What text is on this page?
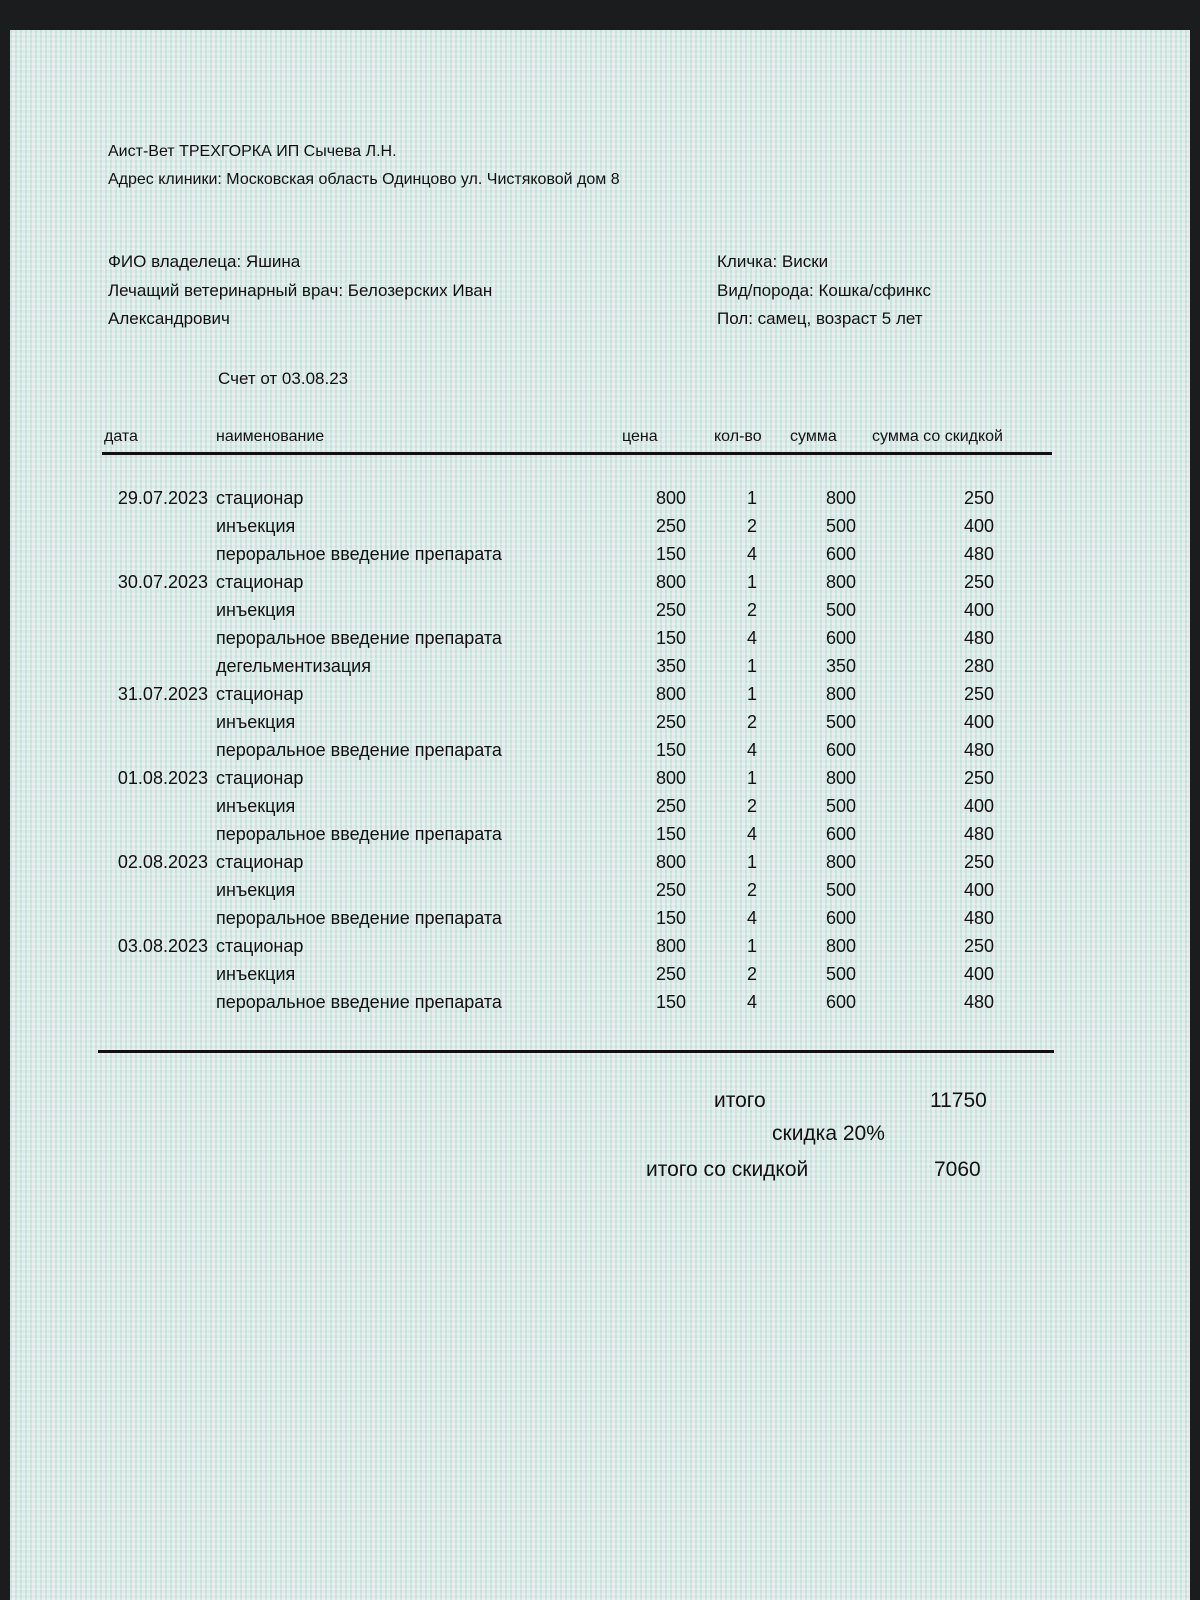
Аист-Вет ТРЕХГОРКА ИП Сычева Л.Н.
Адрес клиники: Московская область Одинцово ул. Чистяковой дом 8
ФИО владелеца: Яшина
Лечащий ветеринарный врач: Белозерских Иван
Александрович
Кличка: Виски
Вид/порода: Кошка/сфинкс
Пол: самец, возраст 5 лет
Счет от 03.08.23
дата	наименование	цена	кол-во сумма сумма со скидкой
29.07.2023 стационар	800	1	800	250
инъекция	250	2	500	400
пероральное введение препарата	150	4	600	480
30.07.2023 стационар	800	1	800	250
инъекция	250	2	500	400
пероральное введение препарата	150	4	600	480
дегельментизация	350	1	350	280
31.07.2023 стационар	800	1	800	250
инъекция	250	2	500	400
пероральное введение препарата	150	4	600	480
01.08.2023 стационар	800	1	800	250
инъекция	250	2	500	400
пероральное введение препарата	150	4	600	480
02.08.2023 стационар	800	1	800	250
инъекция	250	2	500	400
пероральное введение препарата	150	4	600	480
03.08.2023 стационар	800	1	800	250
инъекция	250	2	500	400
пероральное введение препарата	150	4	600	480
итого	11750
скидка 20%
итого со скидкой	7060
